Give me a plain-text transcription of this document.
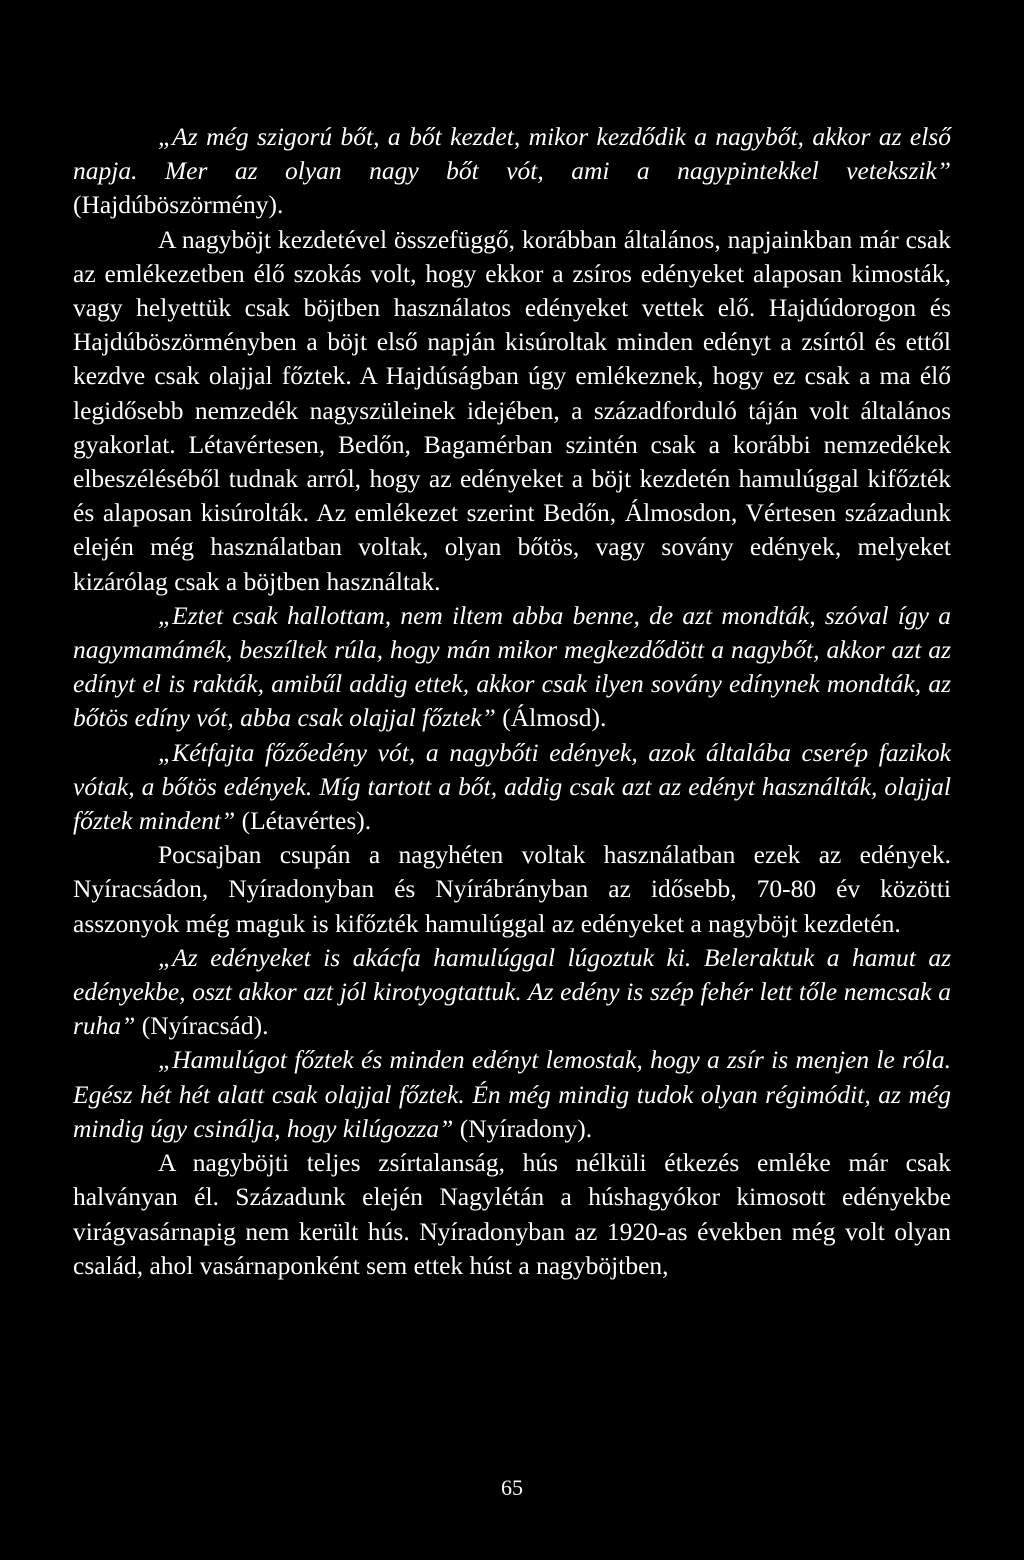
„Az még szigorú bőt, a bőt kezdet, mikor kezdődik a nagybőt, akkor az első napja. Mer az olyan nagy bőt vót, ami a nagypintekkel vetekszik” (Hajdúböszörmény).

A nagyböjt kezdetével összefüggő, korábban általános, napjainkban már csak az emlékezetben élő szokás volt, hogy ekkor a zsíros edényeket alaposan kimosták, vagy helyettük csak böjtben használatos edényeket vettek elő. Hajdúdorogon és Hajdúböszörményben a böjt első napján kisúroltak minden edényt a zsírtól és ettől kezdve csak olajjal főztek. A Hajdúságban úgy emlékeznek, hogy ez csak a ma élő legidősebb nemzedék nagyszüleinek idejében, a századforduló táján volt általános gyakorlat. Létavértesen, Bedőn, Bagamérban szintén csak a korábbi nemzedékek elbeszéléséből tudnak arról, hogy az edényeket a böjt kezdetén hamulúggal kifőzték és alaposan kisúrolták. Az emlékezet szerint Bedőn, Álmosdon, Vértesen századunk elején még használatban voltak, olyan bőtös, vagy sovány edények, melyeket kizárólag csak a böjtben használtak.

„Eztet csak hallottam, nem iltem abba benne, de azt mondták, szóval így a nagymamámék, beszíltek rúla, hogy mán mikor megkezdődött a nagybőt, akkor azt az edínyt el is rakták, amibűl addig ettek, akkor csak ilyen sovány edínynek mondták, az bőtös edíny vót, abba csak olajjal főztek” (Álmosd).

„Kétfajta főzőedény vót, a nagybőti edények, azok általába cserép fazikok vótak, a bőtös edények. Míg tartott a bőt, addig csak azt az edényt használták, olajjal főztek mindent” (Létavértes).

Pocsajban csupán a nagyhéten voltak használatban ezek az edények. Nyíracsádon, Nyíradonyban és Nyírábrányban az idősebb, 70-80 év közötti asszonyok még maguk is kifőzték hamulúggal az edényeket a nagyböjt kezdetén.

„Az edényeket is akácfa hamulúggal lúgoztuk ki. Beleraktuk a hamut az edényekbe, oszt akkor azt jól kirotyogtattuk. Az edény is szép fehér lett tőle nemcsak a ruha” (Nyíracsád).

„Hamulúgot főztek és minden edényt lemostak, hogy a zsír is menjen le róla. Egész hét hét alatt csak olajjal főztek. Én még mindig tudok olyan régimódit, az még mindig úgy csinálja, hogy kilúgozza” (Nyíradony).

A nagyböjti teljes zsírtalanság, hús nélküli étkezés emléke már csak halványan él. Századunk elején Nagylétán a húshagyókor kimosott edényekbe virágvasárnapig nem került hús. Nyíradonyban az 1920-as években még volt olyan család, ahol vasárnaponként sem ettek húst a nagyböjtben,

65
